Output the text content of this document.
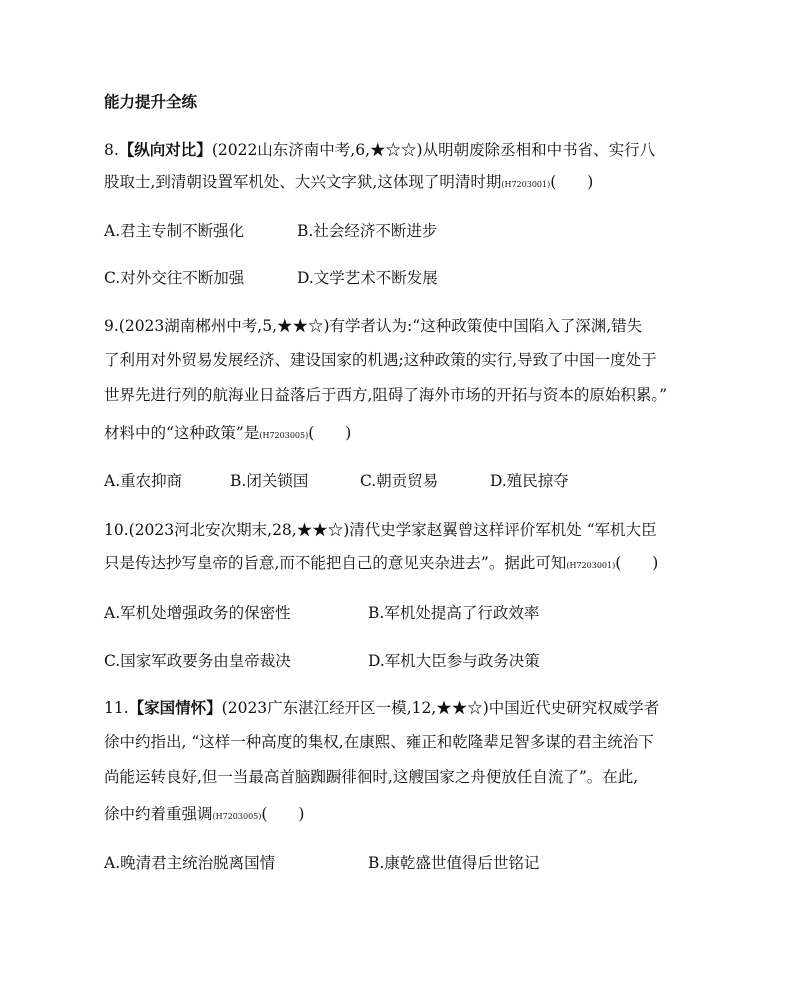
能力提升全练
8.【纵向对比】(2022山东济南中考,6,★☆☆)从明朝废除丞相和中书省、实行八
股取士,到清朝设置军机处、大兴文字狱,这体现了明清时期(H7203001)(　　)
A.君主专制不断强化	B.社会经济不断进步
C.对外交往不断加强	D.文学艺术不断发展
9.(2023湖南郴州中考,5,★★☆)有学者认为:“这种政策使中国陷入了深渊,错失
了利用对外贸易发展经济、建设国家的机遇;这种政策的实行,导致了中国一度处于
世界先进行列的航海业日益落后于西方,阻碍了海外市场的开拓与资本的原始积累。”
材料中的“这种政策”是(H7203005)(　　)
A.重农抑商	B.闭关锁国	C.朝贡贸易	D.殖民掠夺
10.(2023河北安次期末,28,★★☆)清代史学家赵翼曾这样评价军机处 “军机大臣
只是传达抄写皇帝的旨意,而不能把自己的意见夹杂进去”。据此可知(H7203001)(　　)
A.军机处增强政务的保密性	B.军机处提高了行政效率
C.国家军政要务由皇帝裁决	D.军机大臣参与政务决策
11.【家国情怀】(2023广东湛江经开区一模,12,★★☆)中国近代史研究权威学者
徐中约指出, “这样一种高度的集权,在康熙、雍正和乾隆辈足智多谋的君主统治下
尚能运转良好,但一当最高首脑踟蹰徘徊时,这艘国家之舟便放任自流了”。在此,
徐中约着重强调(H7203005)(　　)
A.晚清君主统治脱离国情	B.康乾盛世值得后世铭记
